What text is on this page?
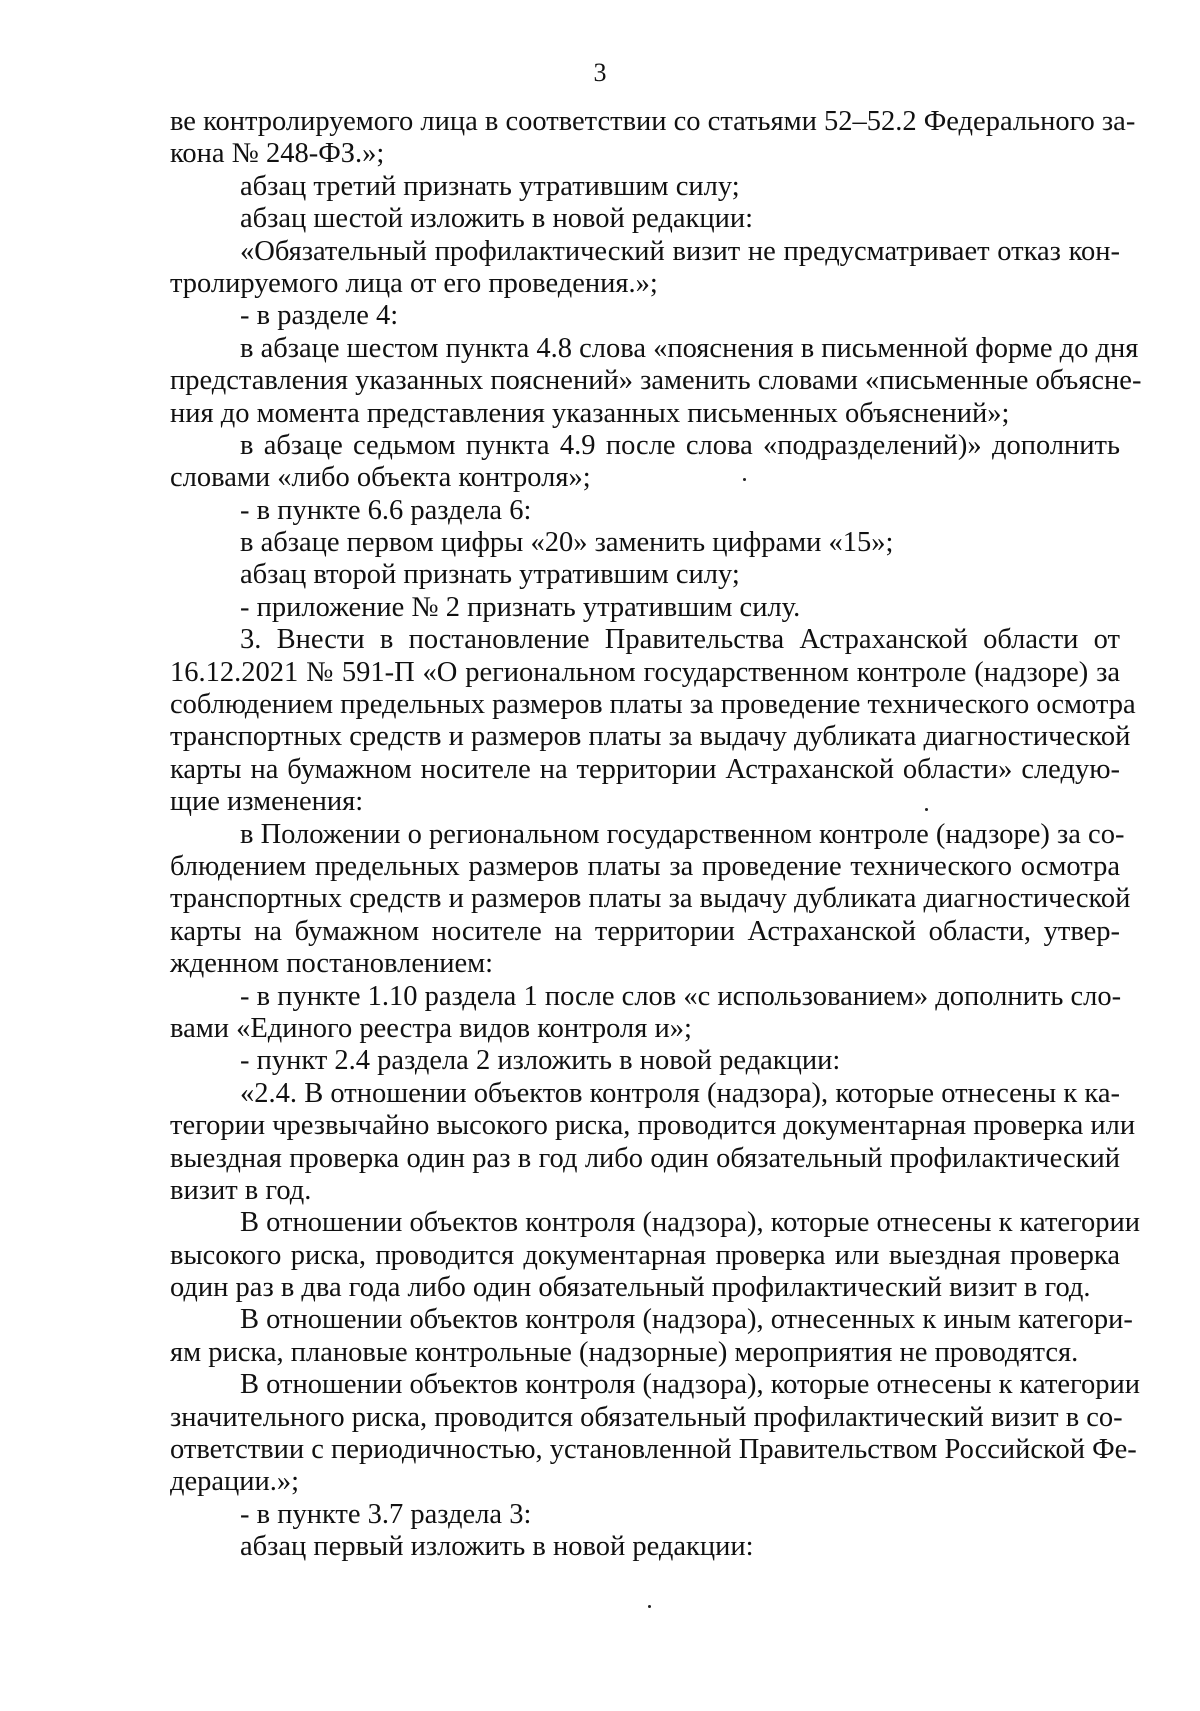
3
ве контролируемого лица в соответствии со статьями 52–52.2 Федерального за-
кона № 248-ФЗ.»;
абзац третий признать утратившим силу;
абзац шестой изложить в новой редакции:
«Обязательный профилактический визит не предусматривает отказ кон-
тролируемого лица от его проведения.»;
- в разделе 4:
в абзаце шестом пункта 4.8 слова «пояснения в письменной форме до дня
представления указанных пояснений» заменить словами «письменные объясне-
ния до момента представления указанных письменных объяснений»;
в абзаце седьмом пункта 4.9 после слова «подразделений)» дополнить
словами «либо объекта контроля»;
- в пункте 6.6 раздела 6:
в абзаце первом цифры «20» заменить цифрами «15»;
абзац второй признать утратившим силу;
- приложение № 2 признать утратившим силу.
3. Внести в постановление Правительства Астраханской области от
16.12.2021 № 591-П «О региональном государственном контроле (надзоре) за
соблюдением предельных размеров платы за проведение технического осмотра
транспортных средств и размеров платы за выдачу дубликата диагностической
карты на бумажном носителе на территории Астраханской области» следую-
щие изменения:
в Положении о региональном государственном контроле (надзоре) за со-
блюдением предельных размеров платы за проведение технического осмотра
транспортных средств и размеров платы за выдачу дубликата диагностической
карты на бумажном носителе на территории Астраханской области, утвер-
жденном постановлением:
- в пункте 1.10 раздела 1 после слов «с использованием» дополнить сло-
вами «Единого реестра видов контроля и»;
- пункт 2.4 раздела 2 изложить в новой редакции:
«2.4. В отношении объектов контроля (надзора), которые отнесены к ка-
тегории чрезвычайно высокого риска, проводится документарная проверка или
выездная проверка один раз в год либо один обязательный профилактический
визит в год.
В отношении объектов контроля (надзора), которые отнесены к категории
высокого риска, проводится документарная проверка или выездная проверка
один раз в два года либо один обязательный профилактический визит в год.
В отношении объектов контроля (надзора), отнесенных к иным категори-
ям риска, плановые контрольные (надзорные) мероприятия не проводятся.
В отношении объектов контроля (надзора), которые отнесены к категории
значительного риска, проводится обязательный профилактический визит в со-
ответствии с периодичностью, установленной Правительством Российской Фе-
дерации.»;
- в пункте 3.7 раздела 3:
абзац первый изложить в новой редакции:
